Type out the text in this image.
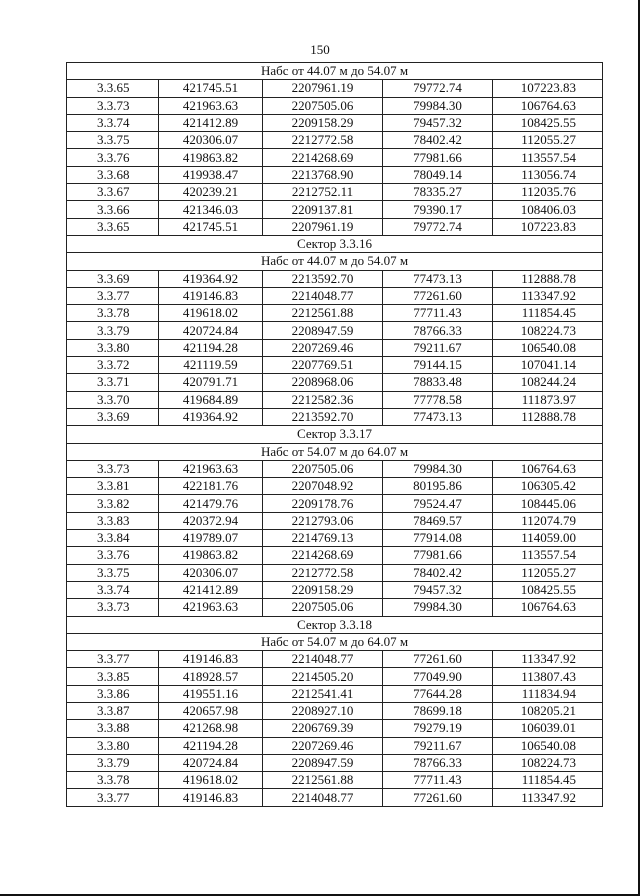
150
Набс от 44.07 м до 54.07 м				
3.3.65	421745.51	2207961.19	79772.74	107223.83
3.3.73	421963.63	2207505.06	79984.30	106764.63
3.3.74	421412.89	2209158.29	79457.32	108425.55
3.3.75	420306.07	2212772.58	78402.42	112055.27
3.3.76	419863.82	2214268.69	77981.66	113557.54
3.3.68	419938.47	2213768.90	78049.14	113056.74
3.3.67	420239.21	2212752.11	78335.27	112035.76
3.3.66	421346.03	2209137.81	79390.17	108406.03
3.3.65	421745.51	2207961.19	79772.74	107223.83
Сектор 3.3.16				
Набс от 44.07 м до 54.07 м				
3.3.69	419364.92	2213592.70	77473.13	112888.78
3.3.77	419146.83	2214048.77	77261.60	113347.92
3.3.78	419618.02	2212561.88	77711.43	111854.45
3.3.79	420724.84	2208947.59	78766.33	108224.73
3.3.80	421194.28	2207269.46	79211.67	106540.08
3.3.72	421119.59	2207769.51	79144.15	107041.14
3.3.71	420791.71	2208968.06	78833.48	108244.24
3.3.70	419684.89	2212582.36	77778.58	111873.97
3.3.69	419364.92	2213592.70	77473.13	112888.78
Сектор 3.3.17				
Набс от 54.07 м до 64.07 м				
3.3.73	421963.63	2207505.06	79984.30	106764.63
3.3.81	422181.76	2207048.92	80195.86	106305.42
3.3.82	421479.76	2209178.76	79524.47	108445.06
3.3.83	420372.94	2212793.06	78469.57	112074.79
3.3.84	419789.07	2214769.13	77914.08	114059.00
3.3.76	419863.82	2214268.69	77981.66	113557.54
3.3.75	420306.07	2212772.58	78402.42	112055.27
3.3.74	421412.89	2209158.29	79457.32	108425.55
3.3.73	421963.63	2207505.06	79984.30	106764.63
Сектор 3.3.18				
Набс от 54.07 м до 64.07 м				
3.3.77	419146.83	2214048.77	77261.60	113347.92
3.3.85	418928.57	2214505.20	77049.90	113807.43
3.3.86	419551.16	2212541.41	77644.28	111834.94
3.3.87	420657.98	2208927.10	78699.18	108205.21
3.3.88	421268.98	2206769.39	79279.19	106039.01
3.3.80	421194.28	2207269.46	79211.67	106540.08
3.3.79	420724.84	2208947.59	78766.33	108224.73
3.3.78	419618.02	2212561.88	77711.43	111854.45
3.3.77	419146.83	2214048.77	77261.60	113347.92
